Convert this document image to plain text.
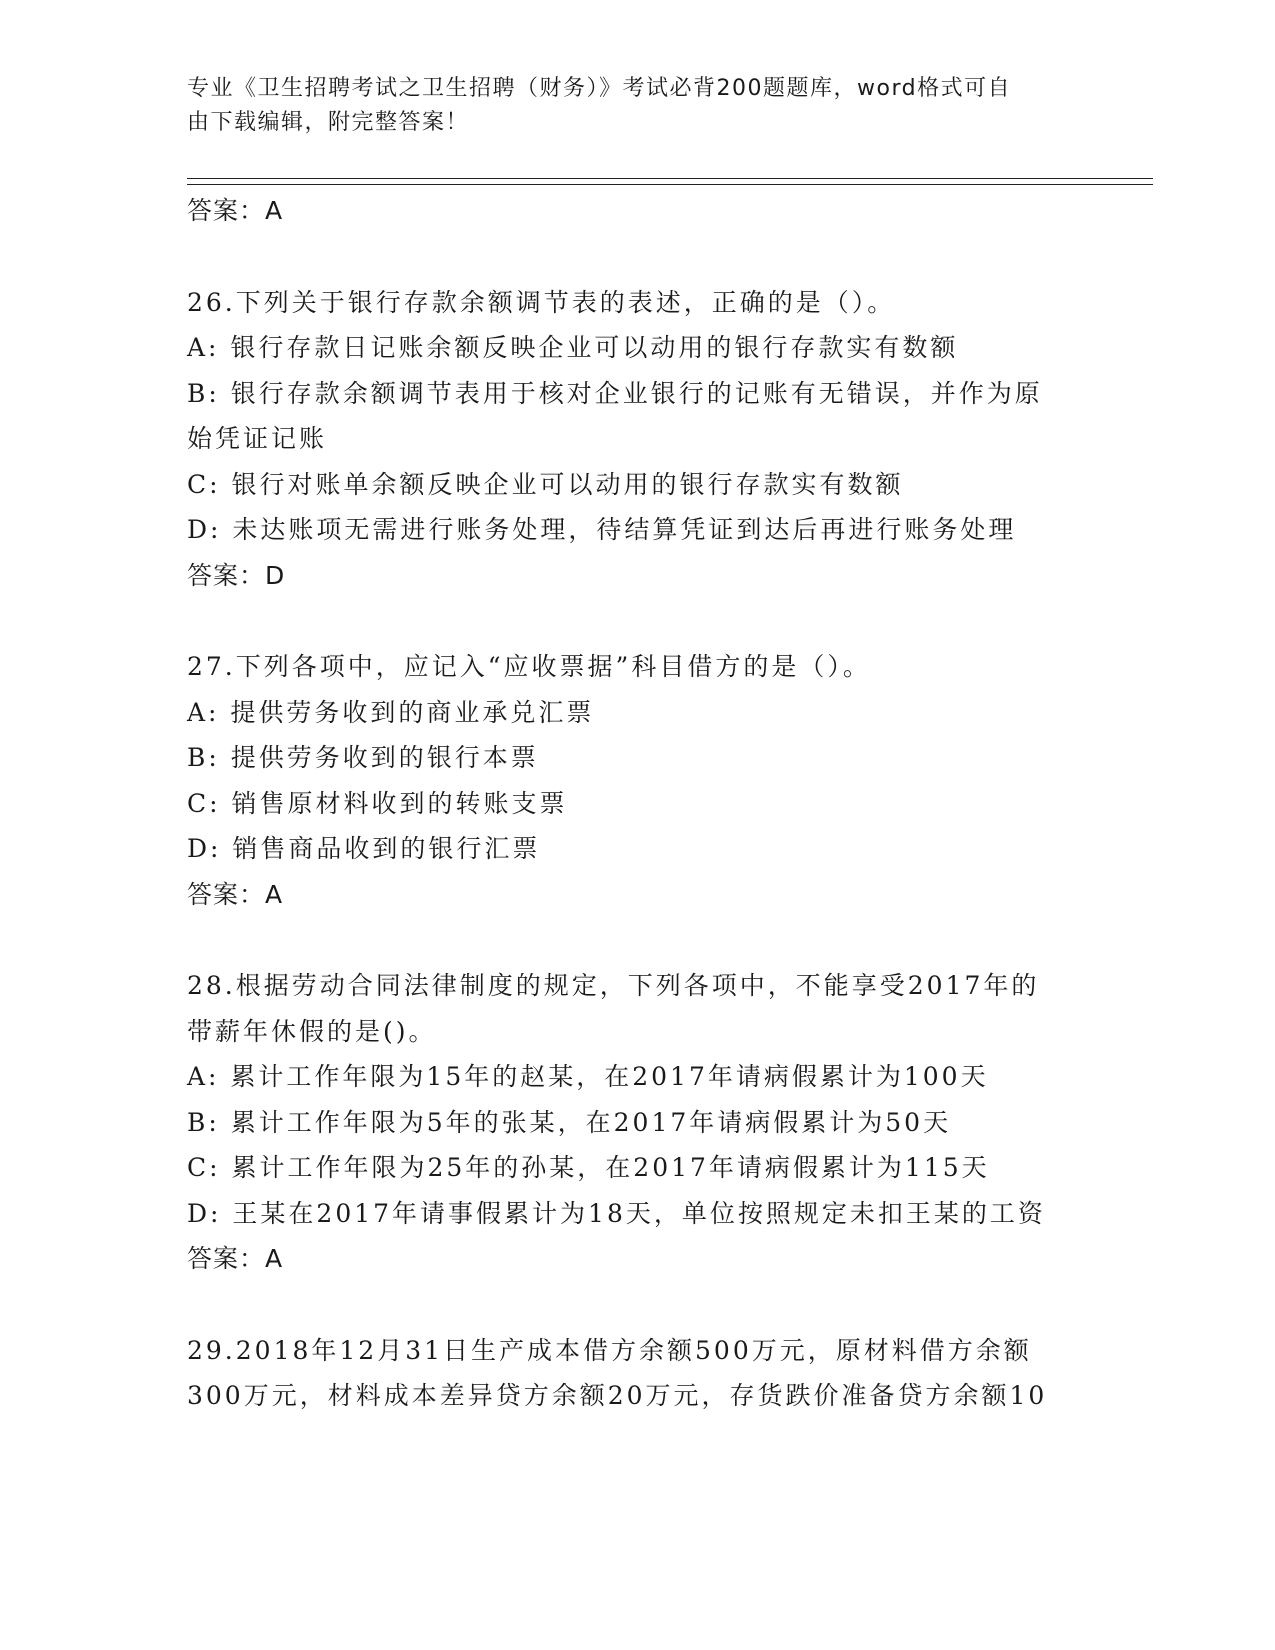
专业《卫生招聘考试之卫生招聘（财务）》考试必背200题题库，word格式可自
由下载编辑，附完整答案！
答案：A
26.下列关于银行存款余额调节表的表述，正确的是（）。
A: 银行存款日记账余额反映企业可以动用的银行存款实有数额
B: 银行存款余额调节表用于核对企业银行的记账有无错误，并作为原
始凭证记账
C: 银行对账单余额反映企业可以动用的银行存款实有数额
D: 未达账项无需进行账务处理，待结算凭证到达后再进行账务处理
答案：D
27.下列各项中，应记入“应收票据”科目借方的是（）。
A: 提供劳务收到的商业承兑汇票
B: 提供劳务收到的银行本票
C: 销售原材料收到的转账支票
D: 销售商品收到的银行汇票
答案：A
28.根据劳动合同法律制度的规定，下列各项中，不能享受2017年的
带薪年休假的是()。
A: 累计工作年限为15年的赵某，在2017年请病假累计为100天
B: 累计工作年限为5年的张某，在2017年请病假累计为50天
C: 累计工作年限为25年的孙某，在2017年请病假累计为115天
D: 王某在2017年请事假累计为18天，单位按照规定未扣王某的工资
答案：A
29.2018年12月31日生产成本借方余额500万元，原材料借方余额
300万元，材料成本差异贷方余额20万元，存货跌价准备贷方余额10
